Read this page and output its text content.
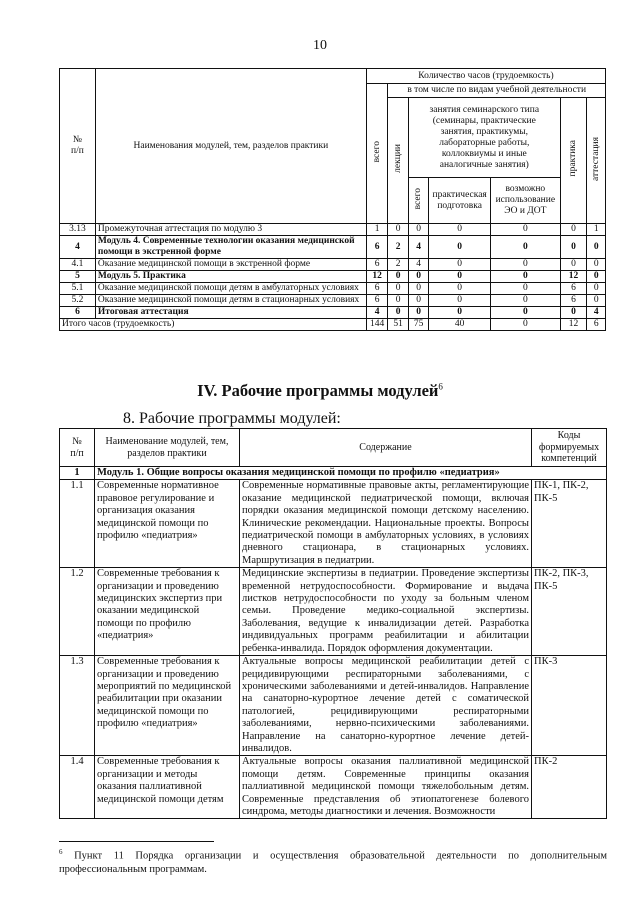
10
№
п/п	Наименования модулей, тем, разделов практики	Количество часов (трудоемкость)						
		всего	в том числе по видам учебной деятельности					
			лекции	занятия семинарского типа (семинары, практические занятия, практикумы, лабораторные работы, коллоквиумы и иные аналогичные занятия)			практика	аттестация
				всего	практическая подготовка	возможно использование ЭО и ДОТ		
3.13	Промежуточная аттестация по модулю 3	1	0	0	0	0	0	1
4	Модуль 4. Современные технологии оказания медицинской помощи в экстренной форме	6	2	4	0	0	0	0
4.1	Оказание медицинской помощи в экстренной форме	6	2	4	0	0	0	0
5	Модуль 5. Практика	12	0	0	0	0	12	0
5.1	Оказание медицинской помощи детям в амбулаторных условиях	6	0	0	0	0	6	0
5.2	Оказание медицинской помощи детям в стационарных условиях	6	0	0	0	0	6	0
6	Итоговая аттестация	4	0	0	0	0	0	4
Итого часов (трудоемкость)		144	51	75	40	0	12	6
IV. Рабочие программы модулей$^6$
8. Рабочие программы модулей:
№
п/п	Наименование модулей, тем, разделов практики	Содержание	Коды формируемых компетенций
1	Модуль 1. Общие вопросы оказания медицинской помощи по профилю «педиатрия»		
1.1	Современные нормативное правовое регулирование и организация оказания медицинской помощи по профилю «педиатрия»	Современные нормативные правовые акты, регламентирующие оказание медицинской педиатрической помощи, включая порядки оказания медицинской помощи детскому населению. Клинические рекомендации. Национальные проекты. Вопросы педиатрической помощи в амбулаторных условиях, в условиях дневного стационара, в стационарных условиях. Маршрутизация в педиатрии.	ПК-1, ПК-2, ПК-5
1.2	Современные требования к организации и проведению медицинских экспертиз при оказании медицинской помощи по профилю «педиатрия»	Медицинские экспертизы в педиатрии. Проведение экспертизы временной нетрудоспособности. Формирование и выдача листков нетрудоспособности по уходу за больным членом семьи. Проведение медико-социальной экспертизы. Заболевания, ведущие к инвалидизации детей. Разработка индивидуальных программ реабилитации и абилитации ребенка-инвалида. Порядок оформления документации.	ПК-2, ПК-3, ПК-5
1.3	Современные требования к организации и проведению мероприятий по медицинской реабилитации при оказании медицинской помощи по профилю «педиатрия»	Актуальные вопросы медицинской реабилитации детей с рецидивирующими респираторными заболеваниями, с хроническими заболеваниями и детей-инвалидов. Направление на санаторно-курортное лечение детей с соматической патологией, рецидивирующими респираторными заболеваниями, нервно-психическими заболеваниями. Направление на санаторно-курортное лечение детей-инвалидов.	ПК-3
1.4	Современные требования к организации и методы оказания паллиативной медицинской помощи детям	Актуальные вопросы оказания паллиативной медицинской помощи детям. Современные принципы оказания паллиативной медицинской помощи тяжелобольным детям. Современные представления об этиопатогенезе болевого синдрома, методы диагностики и лечения. Возможности	ПК-2
$^6$ Пункт 11 Порядка организации и осуществления образовательной деятельности по дополнительным профессиональным программам.
